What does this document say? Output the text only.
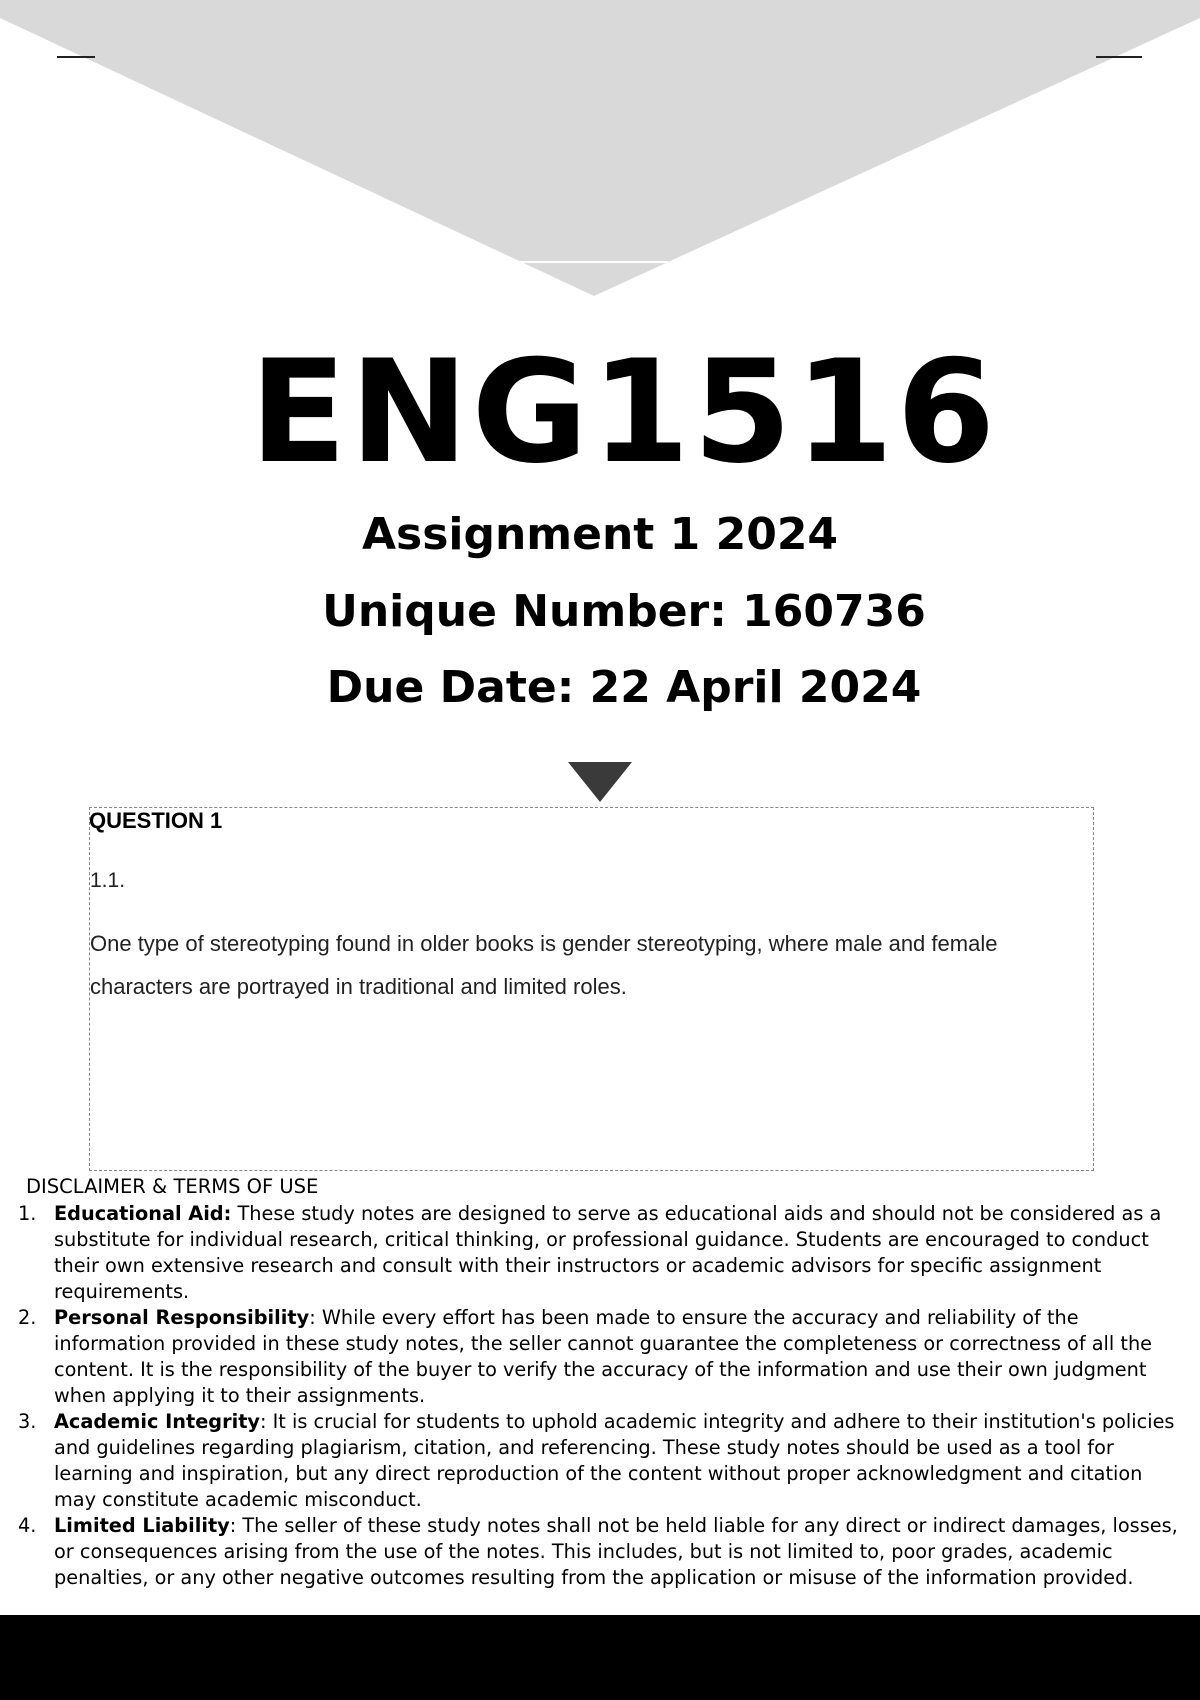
ENG1516
Assignment 1 2024
Unique Number: 160736
Due Date: 22 April 2024
QUESTION 1
1.1.
One type of stereotyping found in older books is gender stereotyping, where male and female characters are portrayed in traditional and limited roles.
DISCLAIMER & TERMS OF USE
1. Educational Aid: These study notes are designed to serve as educational aids and should not be considered as a substitute for individual research, critical thinking, or professional guidance. Students are encouraged to conduct their own extensive research and consult with their instructors or academic advisors for specific assignment requirements.
2. Personal Responsibility: While every effort has been made to ensure the accuracy and reliability of the information provided in these study notes, the seller cannot guarantee the completeness or correctness of all the content. It is the responsibility of the buyer to verify the accuracy of the information and use their own judgment when applying it to their assignments.
3. Academic Integrity: It is crucial for students to uphold academic integrity and adhere to their institution's policies and guidelines regarding plagiarism, citation, and referencing. These study notes should be used as a tool for learning and inspiration, but any direct reproduction of the content without proper acknowledgment and citation may constitute academic misconduct.
4. Limited Liability: The seller of these study notes shall not be held liable for any direct or indirect damages, losses, or consequences arising from the use of the notes. This includes, but is not limited to, poor grades, academic penalties, or any other negative outcomes resulting from the application or misuse of the information provided.
